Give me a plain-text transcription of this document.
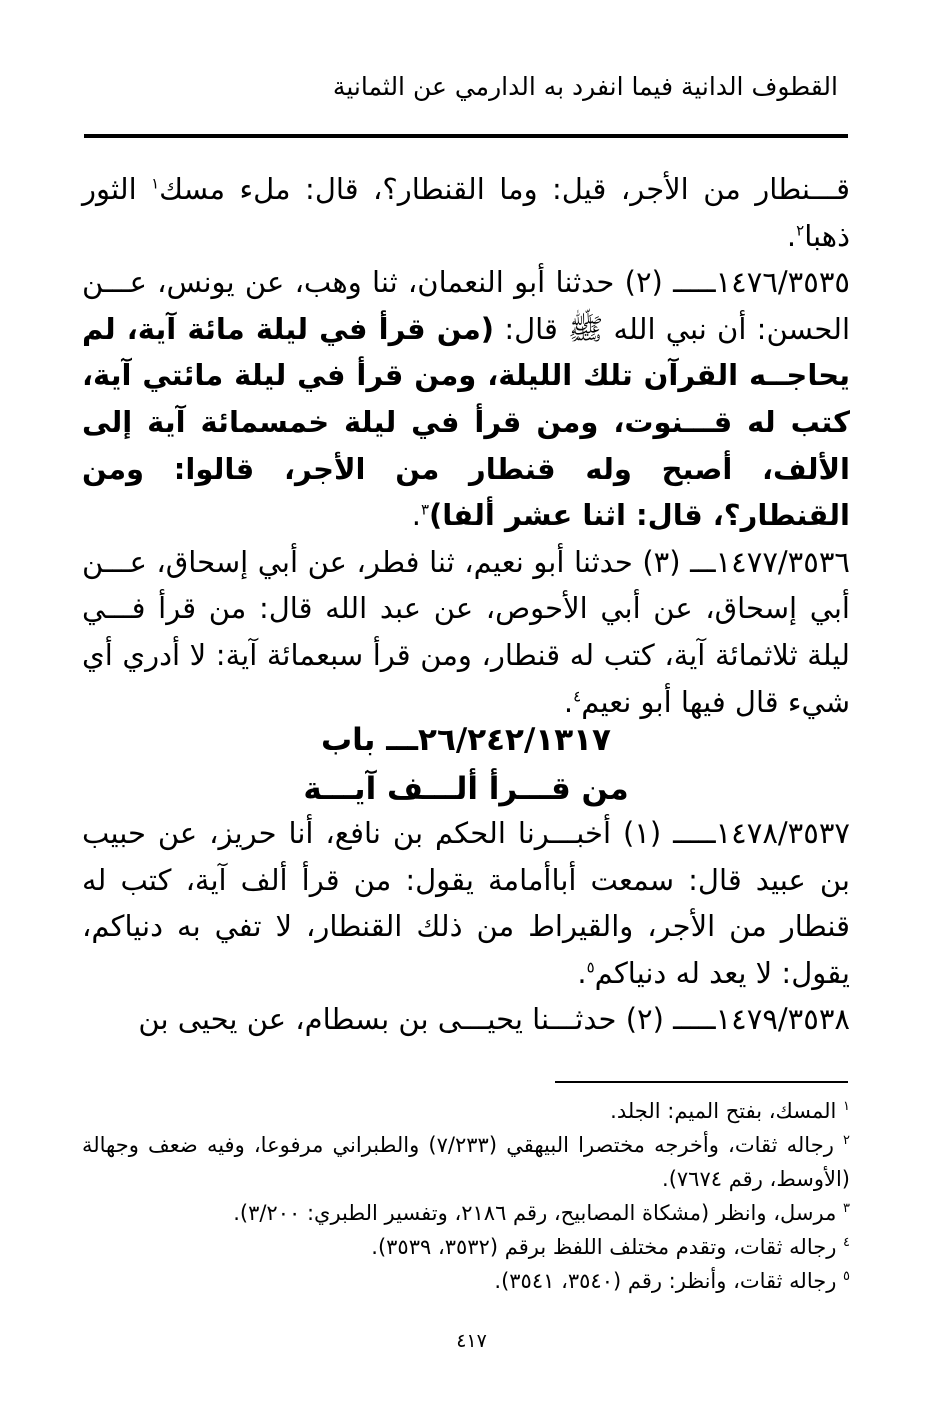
القطوف الدانية فيما انفرد به الدارمي عن الثمانية

قـــنطار من الأجر، قيل: وما القنطار؟، قال: ملء مسك$^١$ الثور ذهبا$^٢$.

١٤٧٦/٣٥٣٥ـــــ (٢) حدثنا أبو النعمان، ثنا وهب، عن يونس، عـــن الحسن: أن نبي الله ﷺ قال: (من قرأ في ليلة مائة آية، لم يحاجــه القرآن تلك الليلة، ومن قرأ في ليلة مائتي آية، كتب له قـــنوت، ومن قرأ في ليلة خمسمائة آية إلى الألف، أصبح وله قنطار من الأجر، قالوا: ومن القنطار؟، قال: اثنا عشر ألفا)$^٣$.

١٤٧٧/٣٥٣٦ـــ (٣) حدثنا أبو نعيم، ثنا فطر، عن أبي إسحاق، عـــن أبي إسحاق، عن أبي الأحوص، عن عبد الله قال: من قرأ فـــي ليلة ثلاثمائة آية، كتب له قنطار، ومن قرأ سبعمائة آية: لا أدري أي شيء قال فيها أبو نعيم$^٤$.

٢٦/٢٤٢/١٣١٧ـــ باب
من قـــرأ ألـــف آيـــة

١٤٧٨/٣٥٣٧ـــــ (١) أخبـــرنا الحكم بن نافع، أنا حريز، عن حبيب بن عبيد قال: سمعت أباأمامة يقول: من قرأ ألف آية، كتب له قنطار من الأجر، والقيراط من ذلك القنطار، لا تفي به دنياكم، يقول: لا يعد له دنياكم$^٥$.

١٤٧٩/٣٥٣٨ـــــ (٢) حدثـــنا يحيـــى بن بسطام، عن يحيى بن

$^١$ المسك، بفتح الميم: الجلد.

$^٢$ رجاله ثقات، وأخرجه مختصرا البيهقي (٧/٢٣٣) والطبراني مرفوعا، وفيه ضعف وجهالة (الأوسط، رقم ٧٦٧٤).

$^٣$ مرسل، وانظر (مشكاة المصابيح، رقم ٢١٨٦، وتفسير الطبري: ٣/٢٠٠).

$^٤$ رجاله ثقات، وتقدم مختلف اللفظ برقم (٣٥٣٢، ٣٥٣٩).

$^٥$ رجاله ثقات، وأنظر: رقم (٣٥٤٠، ٣٥٤١).

٤١٧
